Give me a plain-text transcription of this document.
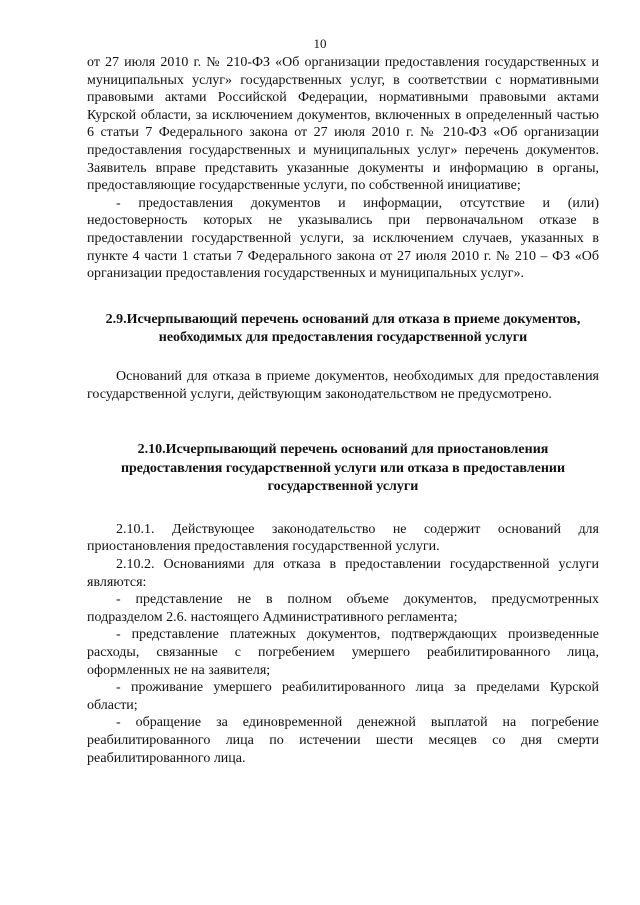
10
от 27 июля 2010 г. № 210-ФЗ «Об организации предоставления государственных и муниципальных услуг» государственных услуг, в соответствии с нормативными правовыми актами Российской Федерации, нормативными правовыми актами Курской области, за исключением документов, включенных в определенный частью 6 статьи 7 Федерального закона от 27 июля 2010 г. № 210-ФЗ «Об организации предоставления государственных и муниципальных услуг» перечень документов. Заявитель вправе представить указанные документы и информацию в органы, предоставляющие государственные услуги, по собственной инициативе;
- предоставления документов и информации, отсутствие и (или) недостоверность которых не указывались при первоначальном отказе в предоставлении государственной услуги, за исключением случаев, указанных в пункте 4 части 1 статьи 7 Федерального закона от 27 июля 2010 г. № 210 – ФЗ «Об организации предоставления государственных и муниципальных услуг».
2.9.Исчерпывающий перечень оснований для отказа в приеме документов, необходимых для предоставления государственной услуги
Оснований для отказа в приеме документов, необходимых для предоставления государственной услуги, действующим законодательством не предусмотрено.
2.10.Исчерпывающий перечень оснований для приостановления предоставления государственной услуги или отказа в предоставлении государственной услуги
2.10.1. Действующее законодательство не содержит оснований для приостановления предоставления государственной услуги.
2.10.2. Основаниями для отказа в предоставлении государственной услуги являются:
- представление не в полном объеме документов, предусмотренных подразделом 2.6. настоящего Административного регламента;
- представление платежных документов, подтверждающих произведенные расходы, связанные с погребением умершего реабилитированного лица, оформленных не на заявителя;
- проживание умершего реабилитированного лица за пределами Курской области;
- обращение за единовременной денежной выплатой на погребение реабилитированного лица по истечении шести месяцев со дня смерти реабилитированного лица.
